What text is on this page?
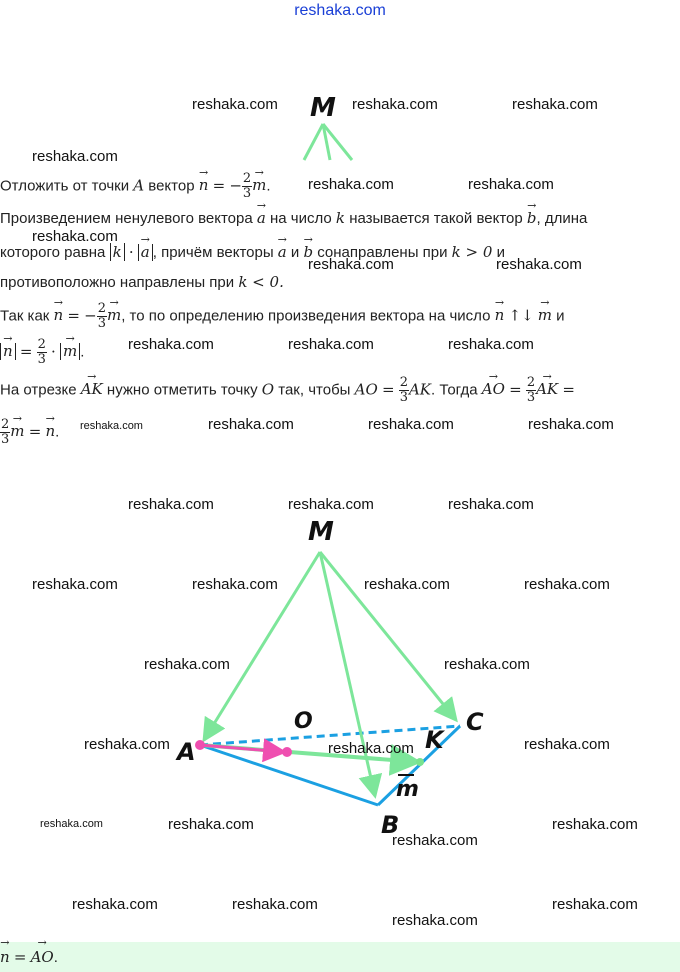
reshaka.com
M
Отложить от точки A вектор → n = − $\frac{2}{3}$
→ m.
Произведением ненулевого вектора → a на число k называется такой вектор → b, длина
которого равна k · → a , причём векторы → a и → b сонаправлены при k > 0 и
противоположно направлены при k < 0.
Так как → n = − $\frac{2}{3}$
→ m, то по определению произведения вектора на число → n ↑↓ → m и
→ $n = \frac{2}{3}$ · → m .
На отрезке → AK нужно отметить точку O так, чтобы AO = $\frac{2}{3}$ AK. Тогда → AO = $\frac{2}{3}$
→ AK =
$\frac{2}{3}$
→ m = → n.
M
A
O
K
C
B
m
→ n = → AO.
reshaka.com	reshaka.com	reshaka.com
reshaka.com
reshaka.com	reshaka.com
reshaka.com
reshaka.com	reshaka.com
reshaka.com	reshaka.com	reshaka.com
reshaka.com	reshaka.com	reshaka.com	reshaka.com
reshaka.com	reshaka.com	reshaka.com
reshaka.com	reshaka.com	reshaka.com	reshaka.com
reshaka.com	reshaka.com
reshaka.com	reshaka.com	reshaka.com
reshaka.com	reshaka.com
reshaka.com
reshaka.com
reshaka.com	reshaka.com
reshaka.com
reshaka.com
